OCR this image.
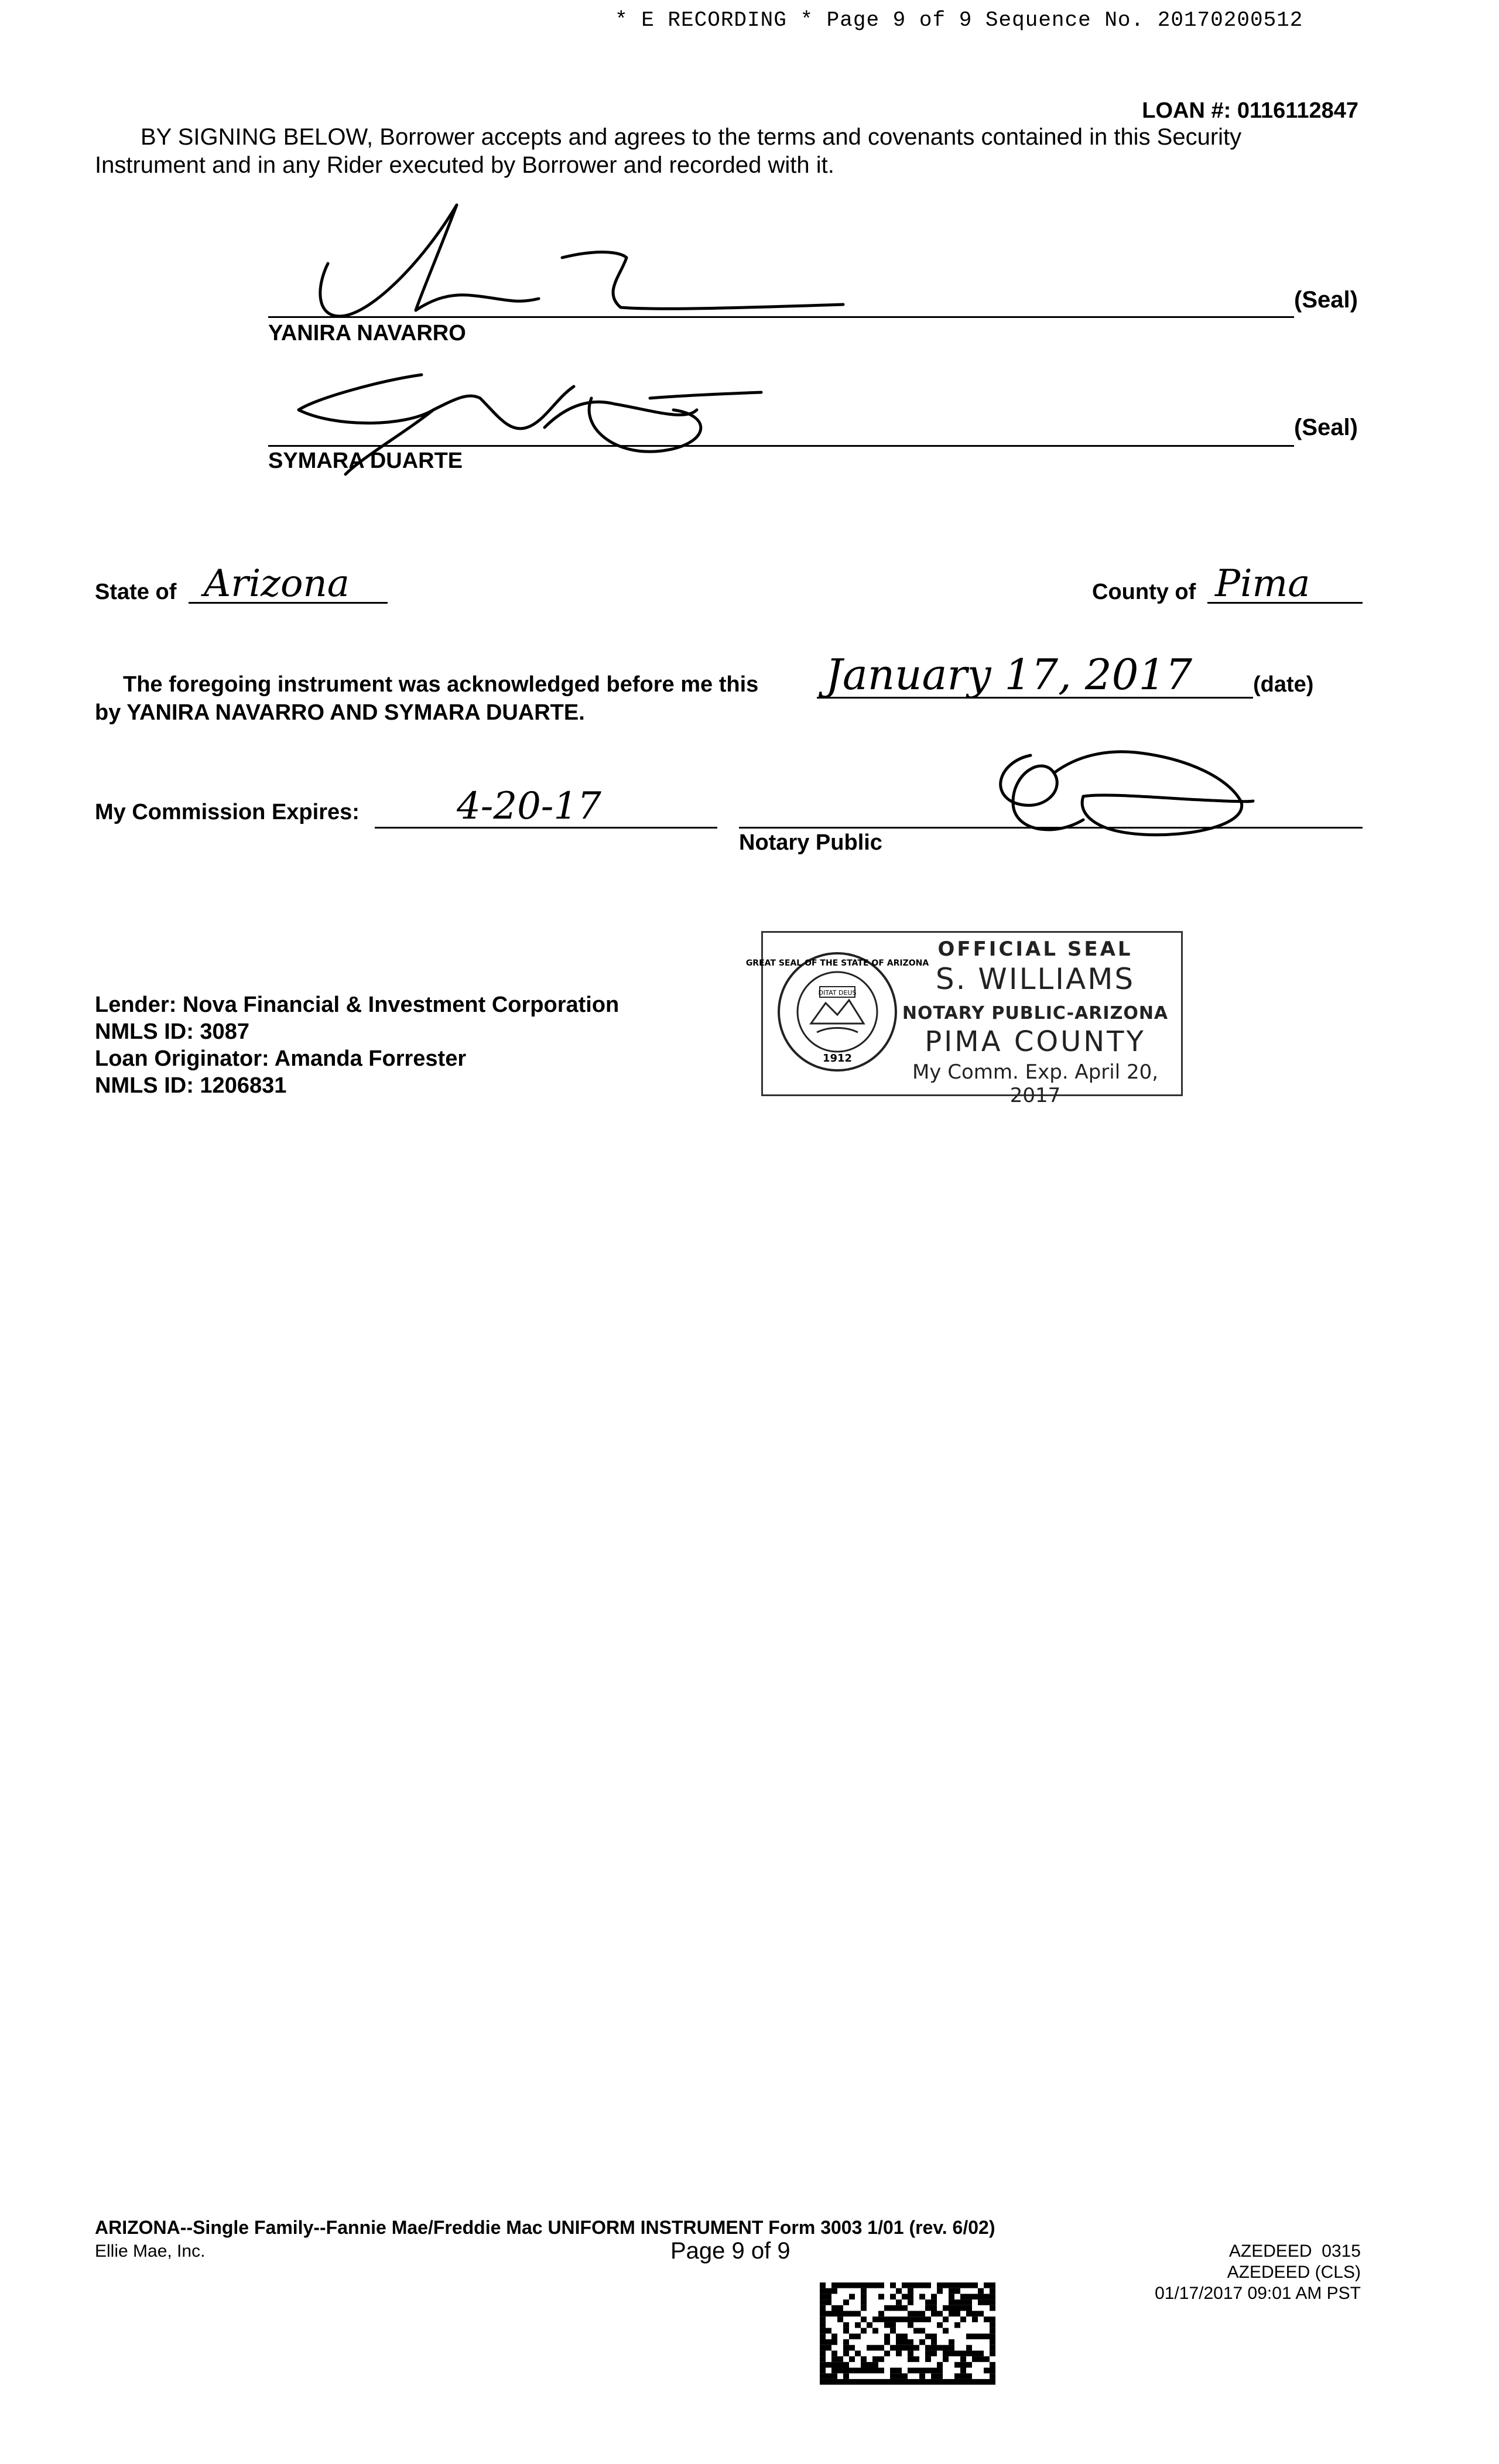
* E RECORDING * Page 9 of 9 Sequence No. 20170200512
LOAN #: 0116112847
BY SIGNING BELOW, Borrower accepts and agrees to the terms and covenants contained in this Security
Instrument and in any Rider executed by Borrower and recorded with it.
(Seal)
YANIRA NAVARRO
(Seal)
SYMARA DUARTE
State of Arizona	County of Pima
The foregoing instrument was acknowledged before me this January 17, 2017	(date)
by YANIRA NAVARRO AND SYMARA DUARTE.
My Commission Expires:	4-20-17
Notary Public
Lender: Nova Financial & Investment Corporation
NMLS ID: 3087
Loan Originator: Amanda Forrester
NMLS ID: 1206831
DITAT DEUS
GREAT SEAL OF THE STATE OF ARIZONA
1912
OFFICIAL SEAL
S. WILLIAMS
NOTARY PUBLIC-ARIZONA
PIMA COUNTY
My Comm. Exp. April 20, 2017
ARIZONA--Single Family--Fannie Mae/Freddie Mac UNIFORM INSTRUMENT Form 3003 1/01 (rev. 6/02)
Ellie Mae, Inc.	Page 9 of 9	AZEDEED  0315
AZEDEED (CLS)
01/17/2017 09:01 AM PST
